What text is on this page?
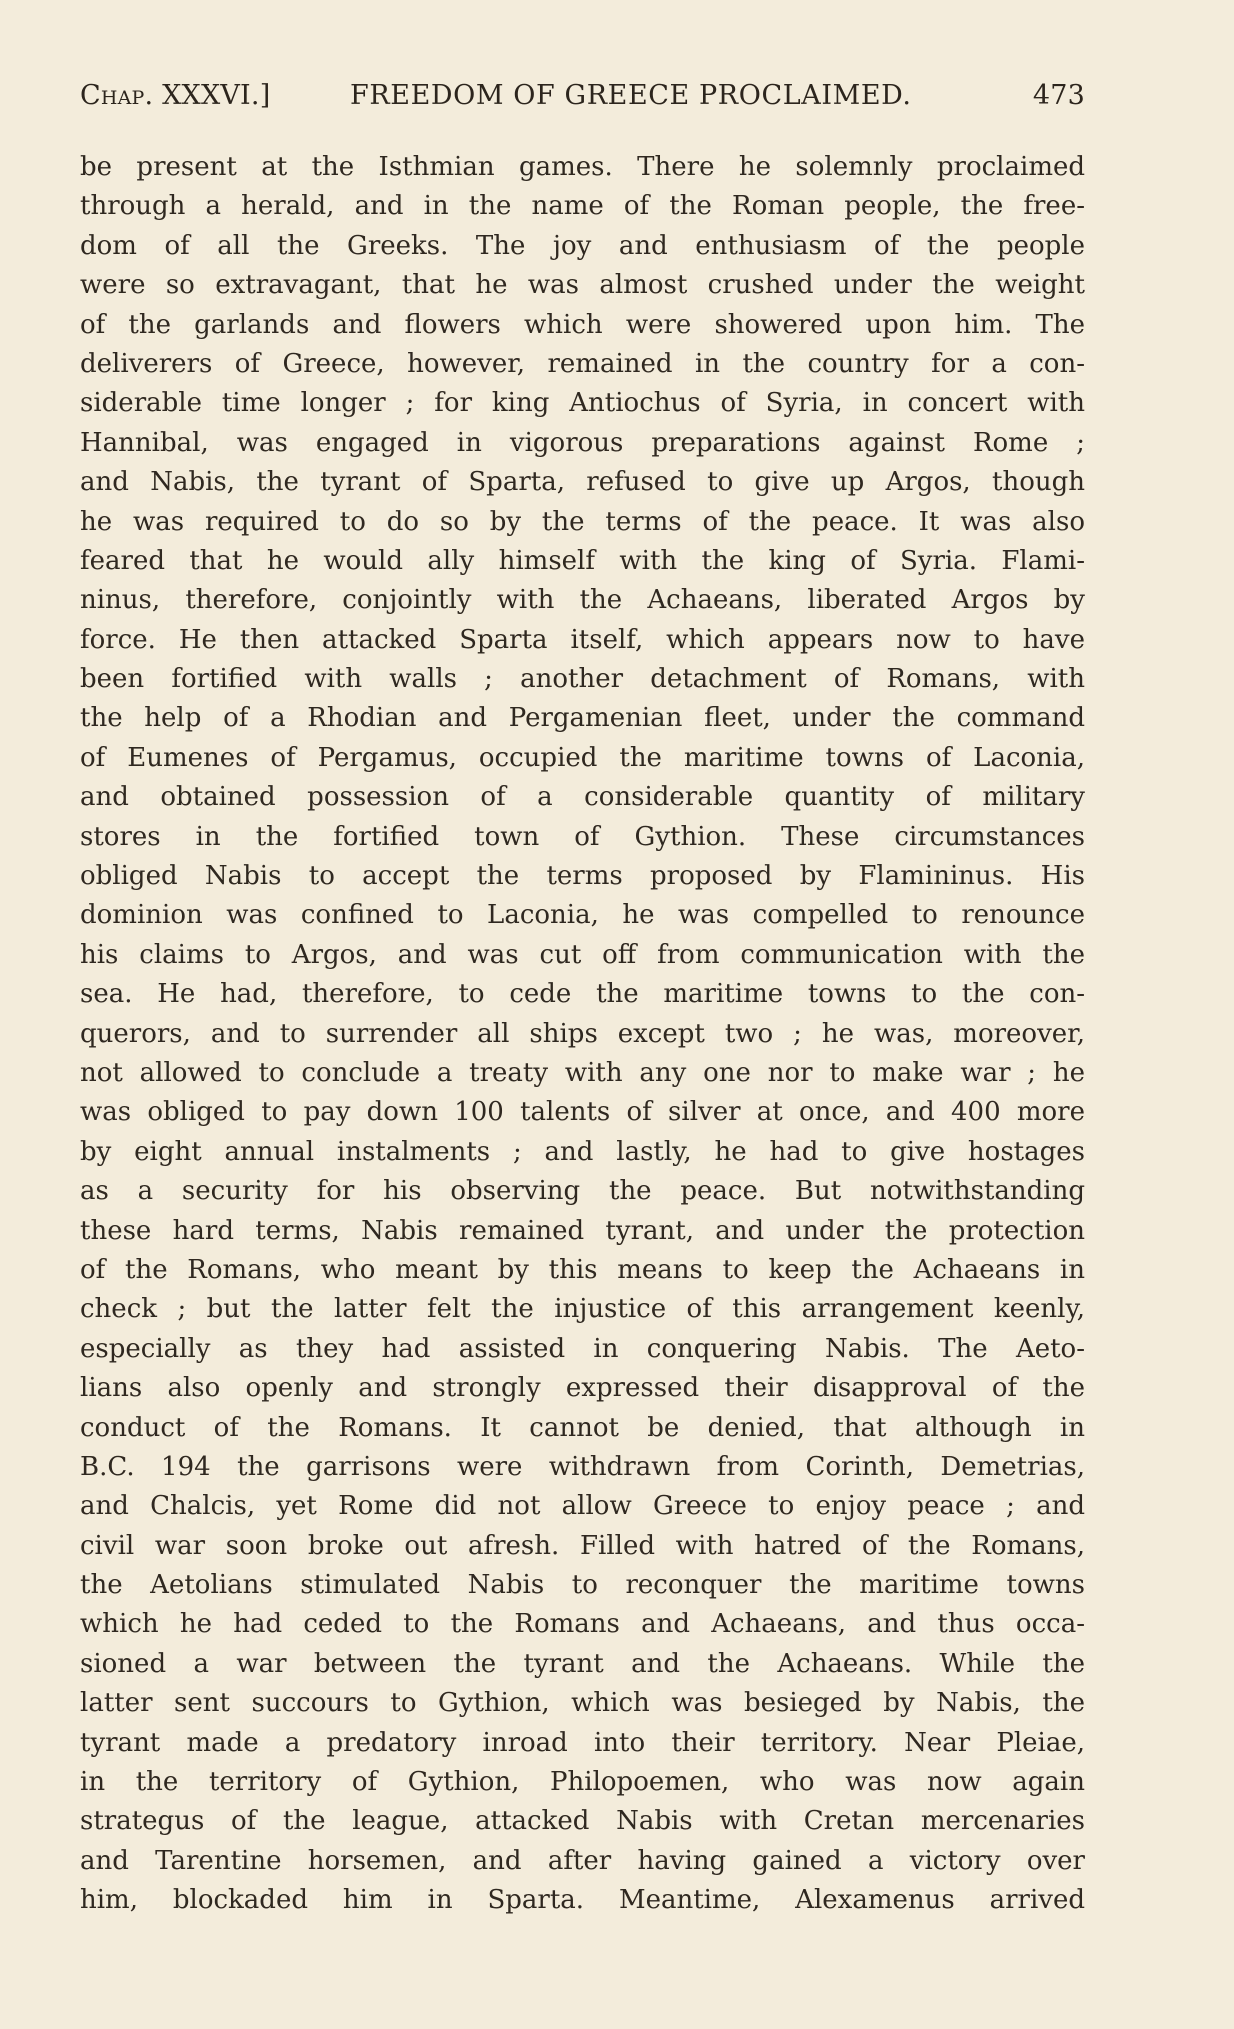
Chap. XXXVI.]	FREEDOM OF GREECE PROCLAIMED.	473
be present at the Isthmian games. There he solemnly proclaimed
through a herald, and in the name of the Roman people, the free-
dom of all the Greeks. The joy and enthusiasm of the people
were so extravagant, that he was almost crushed under the weight
of the garlands and flowers which were showered upon him. The
deliverers of Greece, however, remained in the country for a con-
siderable time longer ; for king Antiochus of Syria, in concert with
Hannibal, was engaged in vigorous preparations against Rome ;
and Nabis, the tyrant of Sparta, refused to give up Argos, though
he was required to do so by the terms of the peace. It was also
feared that he would ally himself with the king of Syria. Flami-
ninus, therefore, conjointly with the Achaeans, liberated Argos by
force. He then attacked Sparta itself, which appears now to have
been fortified with walls ; another detachment of Romans, with
the help of a Rhodian and Pergamenian fleet, under the command
of Eumenes of Pergamus, occupied the maritime towns of Laconia,
and obtained possession of a considerable quantity of military
stores in the fortified town of Gythion. These circumstances
obliged Nabis to accept the terms proposed by Flamininus. His
dominion was confined to Laconia, he was compelled to renounce
his claims to Argos, and was cut off from communication with the
sea. He had, therefore, to cede the maritime towns to the con-
querors, and to surrender all ships except two ; he was, moreover,
not allowed to conclude a treaty with any one nor to make war ; he
was obliged to pay down 100 talents of silver at once, and 400 more
by eight annual instalments ; and lastly, he had to give hostages
as a security for his observing the peace. But notwithstanding
these hard terms, Nabis remained tyrant, and under the protection
of the Romans, who meant by this means to keep the Achaeans in
check ; but the latter felt the injustice of this arrangement keenly,
especially as they had assisted in conquering Nabis. The Aeto-
lians also openly and strongly expressed their disapproval of the
conduct of the Romans. It cannot be denied, that although in
B.C. 194 the garrisons were withdrawn from Corinth, Demetrias,
and Chalcis, yet Rome did not allow Greece to enjoy peace ; and
civil war soon broke out afresh. Filled with hatred of the Romans,
the Aetolians stimulated Nabis to reconquer the maritime towns
which he had ceded to the Romans and Achaeans, and thus occa-
sioned a war between the tyrant and the Achaeans. While the
latter sent succours to Gythion, which was besieged by Nabis, the
tyrant made a predatory inroad into their territory. Near Pleiae,
in the territory of Gythion, Philopoemen, who was now again
strategus of the league, attacked Nabis with Cretan mercenaries
and Tarentine horsemen, and after having gained a victory over
him, blockaded him in Sparta. Meantime, Alexamenus arrived
